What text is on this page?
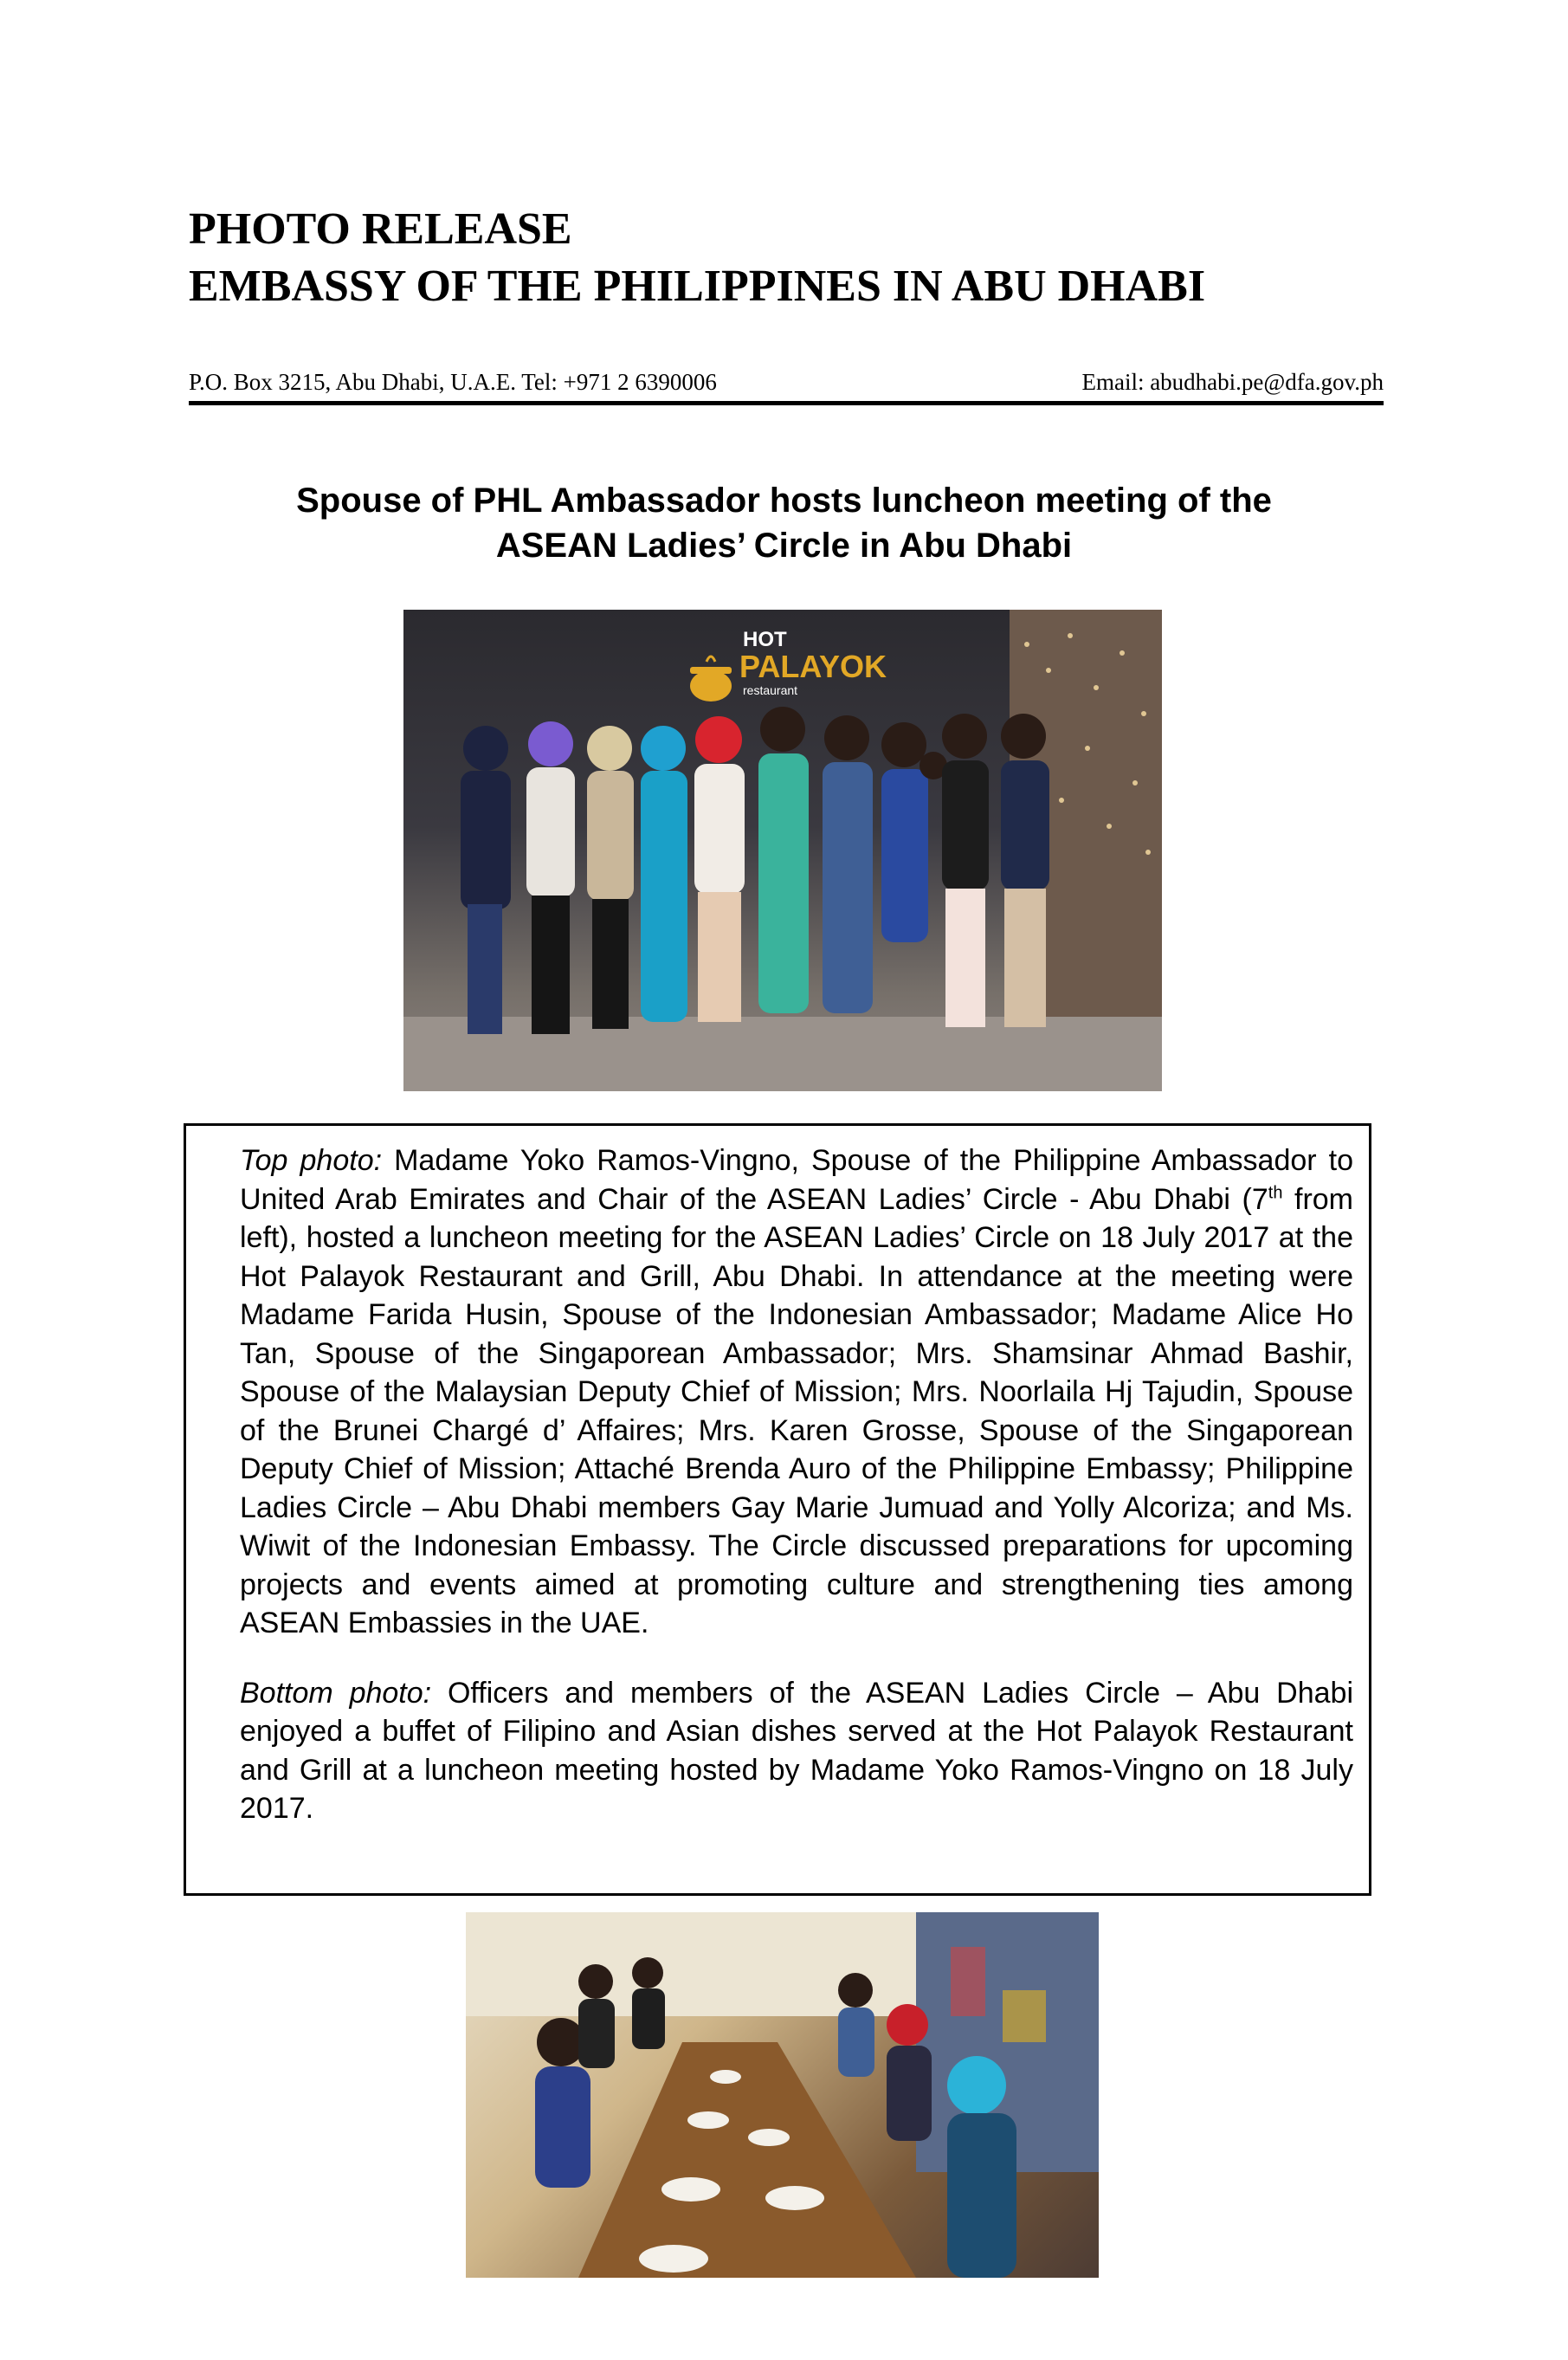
PHOTO RELEASE
EMBASSY OF THE PHILIPPINES IN ABU DHABI
P.O. Box 3215, Abu Dhabi, U.A.E. Tel: +971 2 6390006	Email: abudhabi.pe@dfa.gov.ph
Spouse of PHL Ambassador hosts luncheon meeting of the
ASEAN Ladies’ Circle in Abu Dhabi
HOT
PALAYOK
restaurant

Top photo: Madame Yoko Ramos-Vingno, Spouse of the Philippine Ambassador to United Arab Emirates and Chair of the ASEAN Ladies’ Circle - Abu Dhabi (7th from left), hosted a luncheon meeting for the ASEAN Ladies’ Circle on 18 July 2017 at the Hot Palayok Restaurant and Grill, Abu Dhabi. In attendance at the meeting were Madame Farida Husin, Spouse of the Indonesian Ambassador; Madame Alice Ho Tan, Spouse of the Singaporean Ambassador; Mrs. Shamsinar Ahmad Bashir, Spouse of the Malaysian Deputy Chief of Mission; Mrs. Noorlaila Hj Tajudin, Spouse of the Brunei Chargé d’ Affaires; Mrs. Karen Grosse, Spouse of the Singaporean Deputy Chief of Mission; Attaché Brenda Auro of the Philippine Embassy; Philippine Ladies Circle – Abu Dhabi members Gay Marie Jumuad and Yolly Alcoriza; and Ms. Wiwit of the Indonesian Embassy. The Circle discussed preparations for upcoming projects and events aimed at promoting culture and strengthening ties among ASEAN Embassies in the UAE.

Bottom photo: Officers and members of the ASEAN Ladies Circle – Abu Dhabi enjoyed a buffet of Filipino and Asian dishes served at the Hot Palayok Restaurant and Grill at a luncheon meeting hosted by Madame Yoko Ramos-Vingno on 18 July 2017.
